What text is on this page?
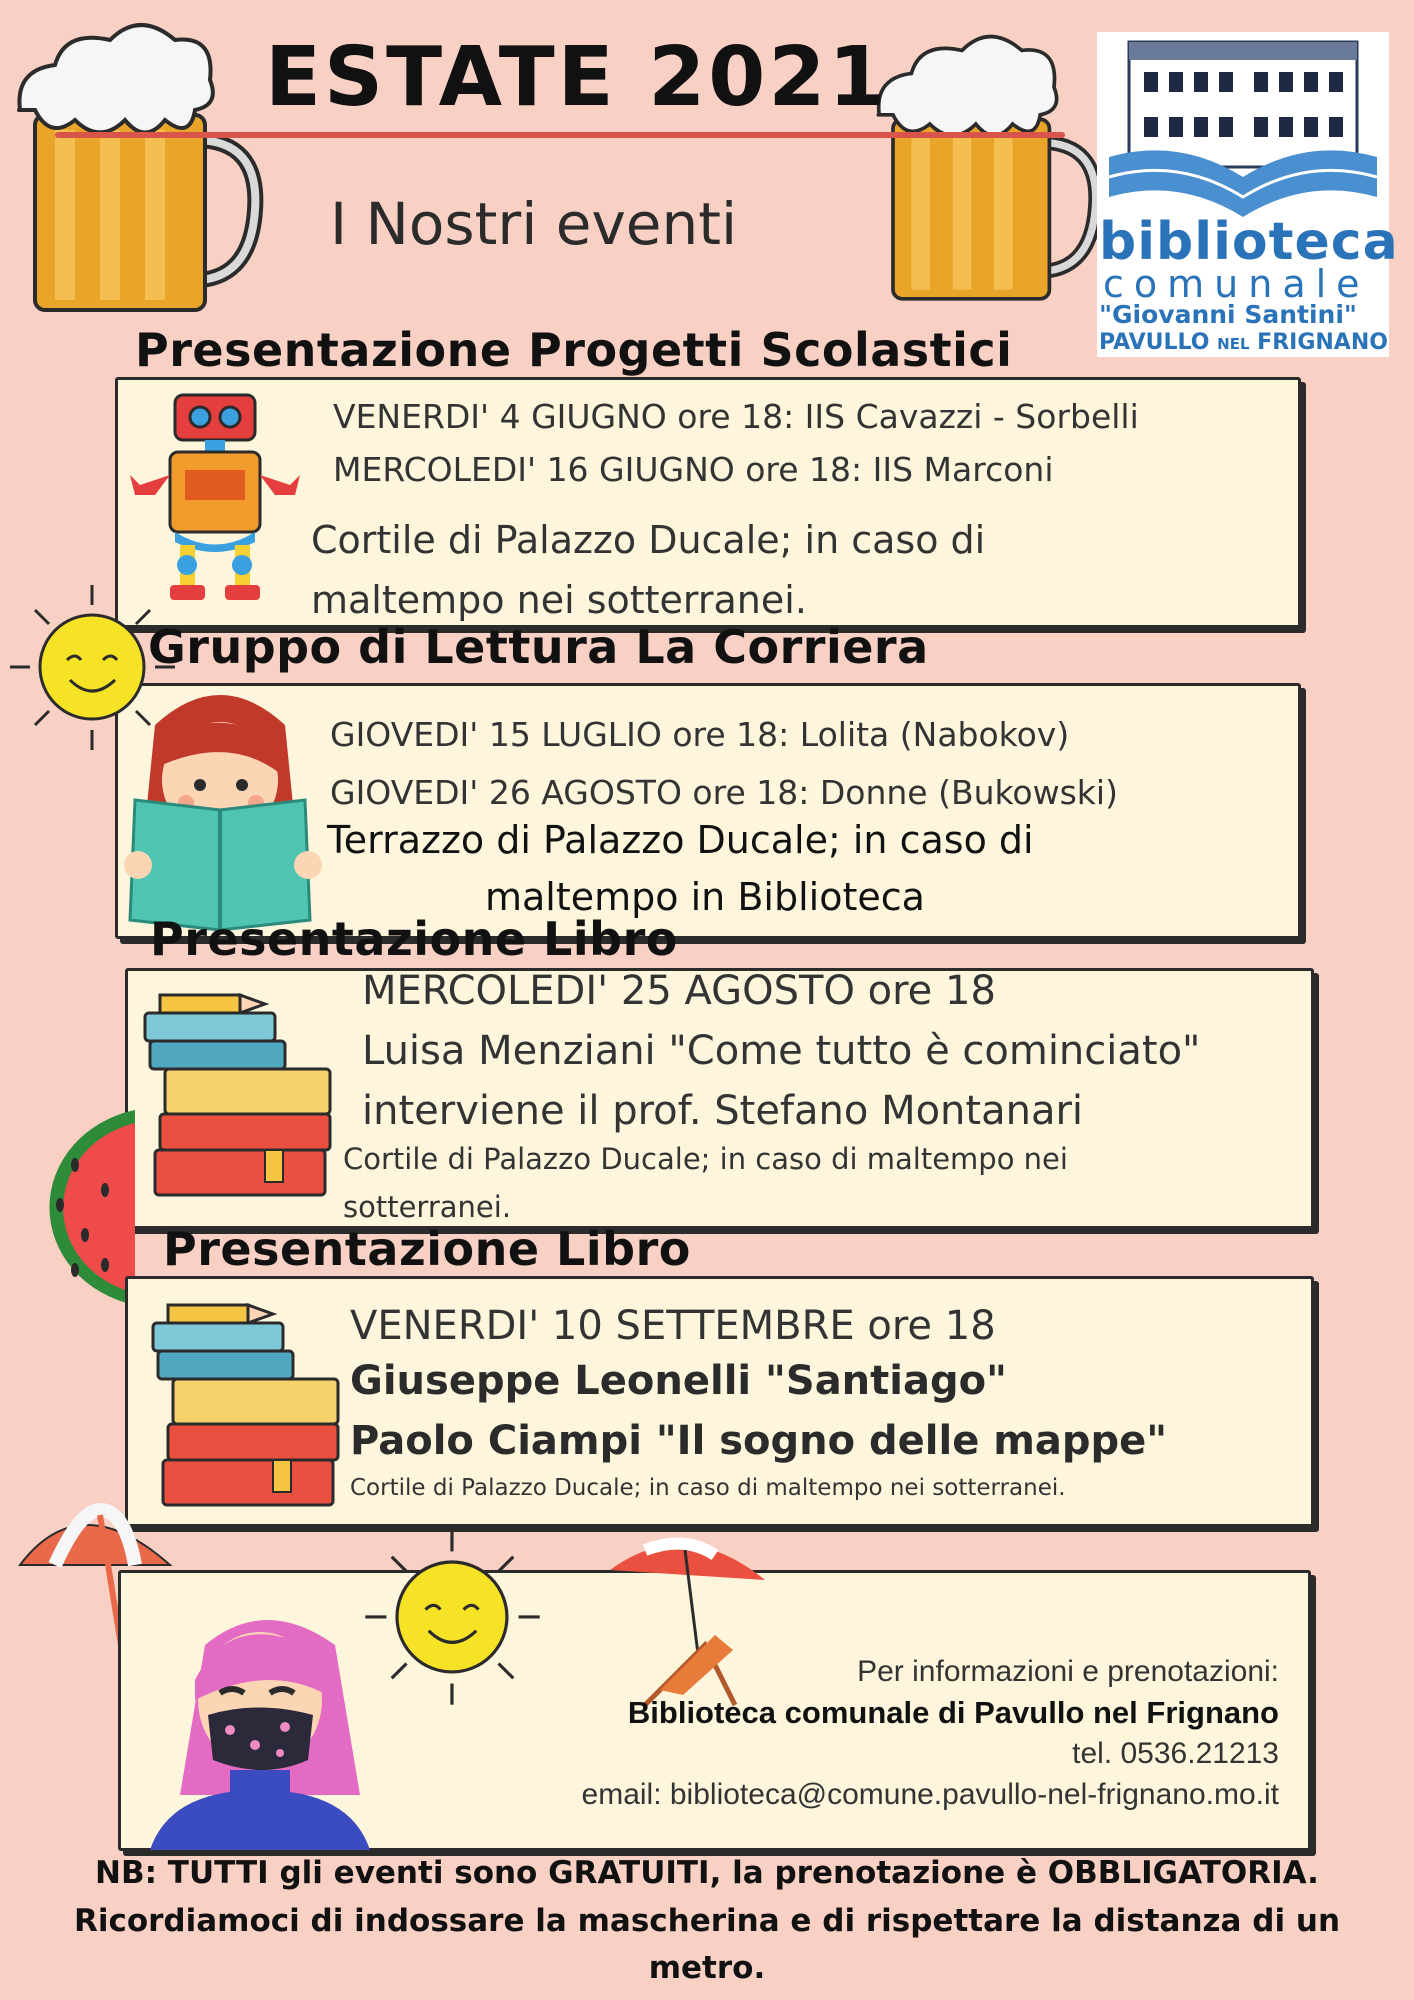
ESTATE 2021
I Nostri eventi	biblioteca
comunale
"Giovanni Santini"
PAVULLO NEL FRIGNANO
Presentazione Progetti Scolastici
VENERDI' 4 GIUGNO ore 18: IIS Cavazzi - Sorbelli
MERCOLEDI' 16 GIUGNO ore 18: IIS Marconi
Cortile di Palazzo Ducale; in caso di
maltempo nei sotterranei.
Gruppo di Lettura La Corriera
GIOVEDI' 15 LUGLIO ore 18: Lolita (Nabokov)
GIOVEDI' 26 AGOSTO ore 18: Donne (Bukowski)
Terrazzo di Palazzo Ducale; in caso di
maltempo in Biblioteca
Presentazione Libro
MERCOLEDI' 25 AGOSTO ore 18
Luisa Menziani "Come tutto è cominciato"
interviene il prof. Stefano Montanari
Cortile di Palazzo Ducale; in caso di maltempo nei
sotterranei.
Presentazione Libro
VENERDI' 10 SETTEMBRE ore 18
Giuseppe Leonelli "Santiago"
Paolo Ciampi "Il sogno delle mappe"
Cortile di Palazzo Ducale; in caso di maltempo nei sotterranei.
Per informazioni e prenotazioni:
Biblioteca comunale di Pavullo nel Frignano
tel. 0536.21213
email: biblioteca@comune.pavullo-nel-frignano.mo.it
NB: TUTTI gli eventi sono GRATUITI, la prenotazione è OBBLIGATORIA.
Ricordiamoci di indossare la mascherina e di rispettare la distanza di un
metro.
